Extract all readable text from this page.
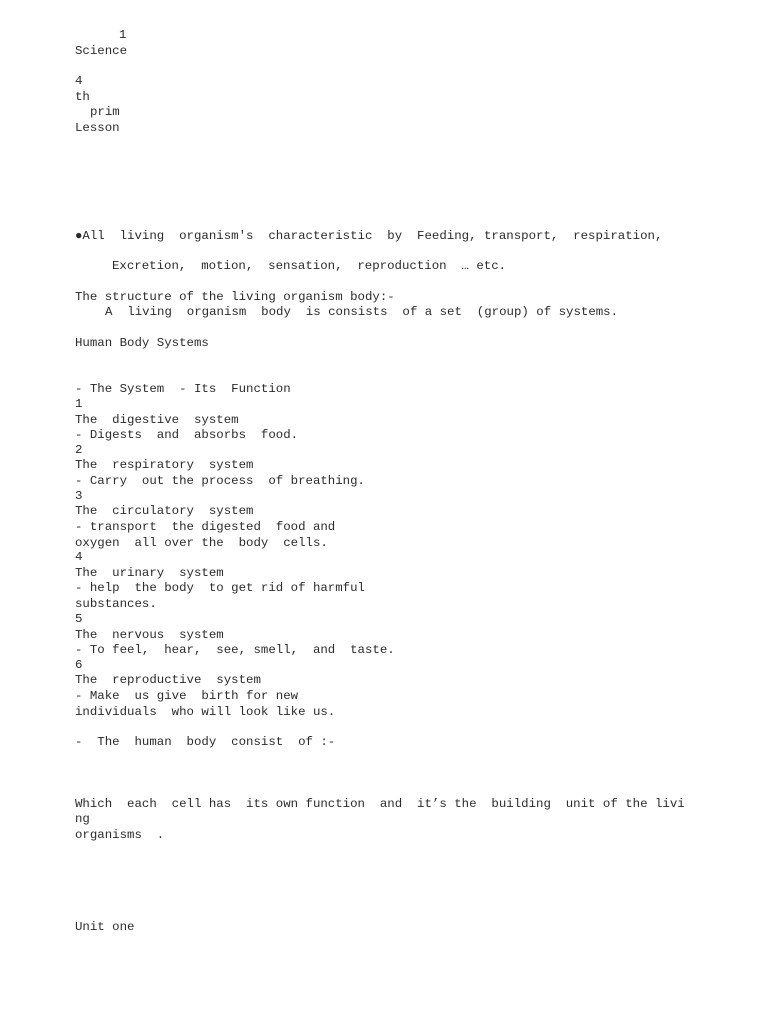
1

Science

4

th

prim

Lesson

●All  living  organism's  characteristic  by  Feeding, transport,  respiration,

Excretion,  motion,  sensation,  reproduction  … etc.

The structure of the living organism body:-

A  living  organism  body  is consists  of a set  (group) of systems.

Human Body Systems

- The System  - Its  Function

1

The  digestive  system

- Digests  and  absorbs  food.

2

The  respiratory  system

- Carry  out the process  of breathing.

3

The  circulatory  system

- transport  the digested  food and

oxygen  all over the  body  cells.

4

The  urinary  system

- help  the body  to get rid of harmful

substances.

5

The  nervous  system

- To feel,  hear,  see, smell,  and  taste.

6

The  reproductive  system

- Make  us give  birth for new

individuals  who will look like us.

-  The  human  body  consist  of :-

Which  each  cell has  its own function  and  it’s the  building  unit of the livi

ng

organisms  .

Unit one
